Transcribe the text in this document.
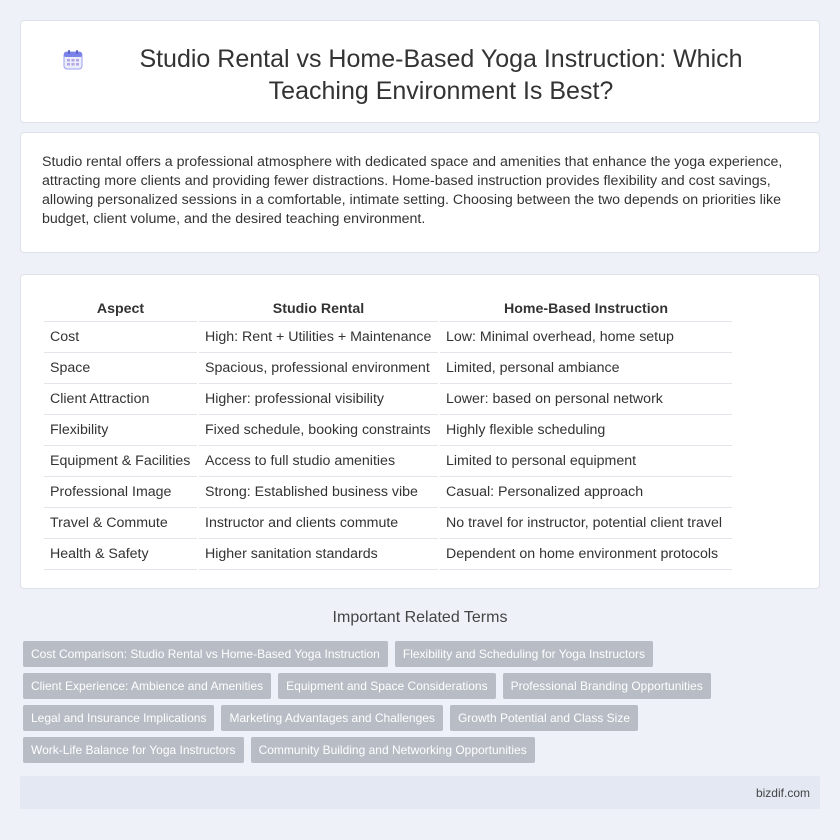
Studio Rental vs Home-Based Yoga Instruction: Which Teaching Environment Is Best?

Studio rental offers a professional atmosphere with dedicated space and amenities that enhance the yoga experience, attracting more clients and providing fewer distractions. Home-based instruction provides flexibility and cost savings, allowing personalized sessions in a comfortable, intimate setting. Choosing between the two depends on priorities like budget, client volume, and the desired teaching environment.

Aspect	Studio Rental	Home-Based Instruction
Cost	High: Rent + Utilities + Maintenance	Low: Minimal overhead, home setup
Space	Spacious, professional environment	Limited, personal ambiance
Client Attraction	Higher: professional visibility	Lower: based on personal network
Flexibility	Fixed schedule, booking constraints	Highly flexible scheduling
Equipment & Facilities	Access to full studio amenities	Limited to personal equipment
Professional Image	Strong: Established business vibe	Casual: Personalized approach
Travel & Commute	Instructor and clients commute	No travel for instructor, potential client travel
Health & Safety	Higher sanitation standards	Dependent on home environment protocols
Important Related Terms
Cost Comparison: Studio Rental vs Home-Based Yoga Instruction	Flexibility and Scheduling for Yoga Instructors
Client Experience: Ambience and Amenities	Equipment and Space Considerations	Professional Branding Opportunities
Legal and Insurance Implications	Marketing Advantages and Challenges	Growth Potential and Class Size
Work-Life Balance for Yoga Instructors	Community Building and Networking Opportunities
bizdif.com
